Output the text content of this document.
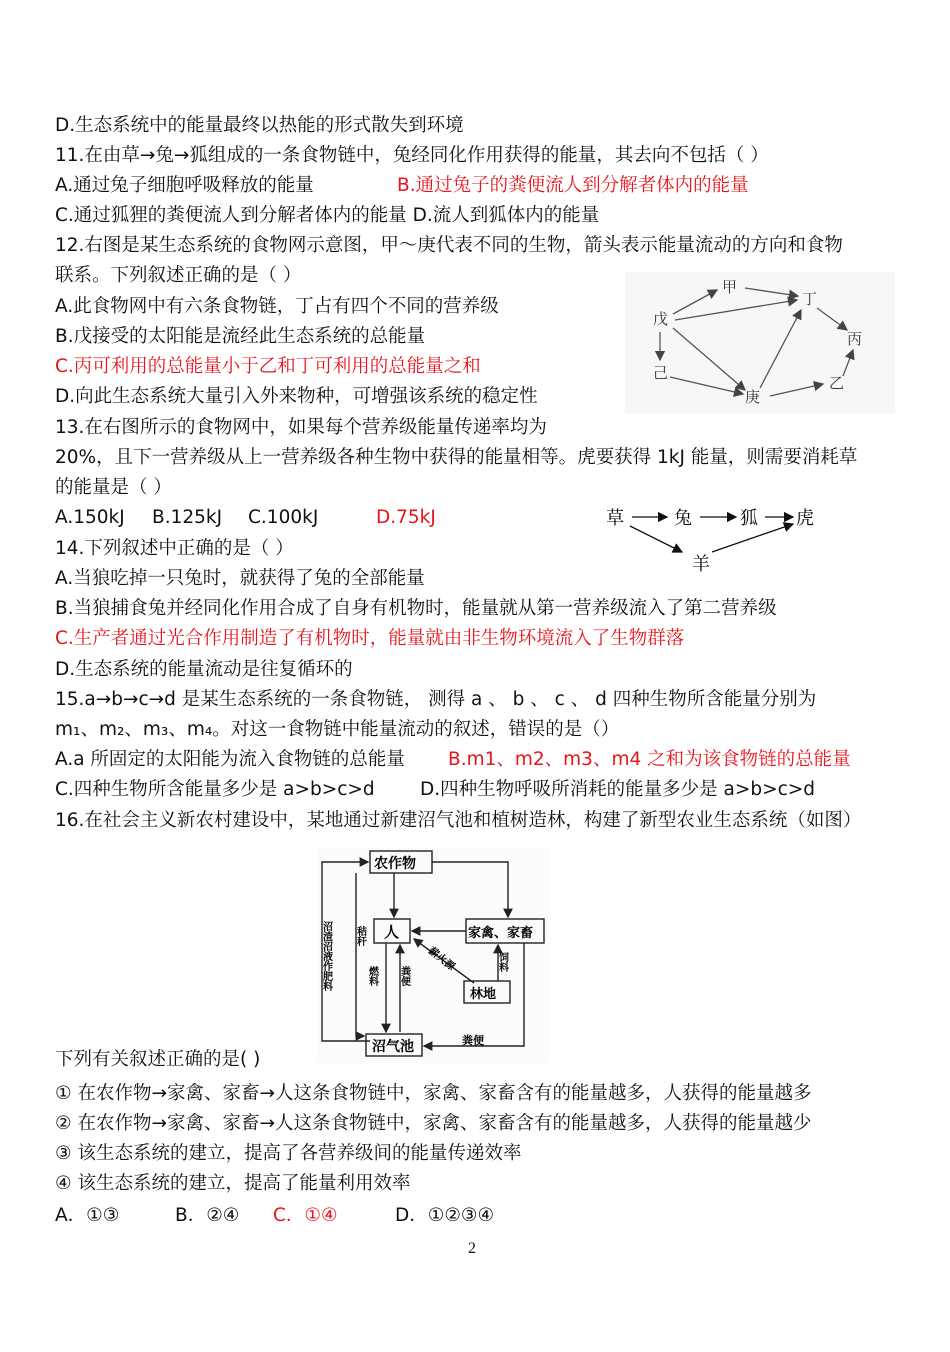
D.生态系统中的能量最终以热能的形式散失到环境
11.在由草→兔→狐组成的一条食物链中，兔经同化作用获得的能量，其去向不包括（ ）
A.通过兔子细胞呼吸释放的能量	B.通过兔子的粪便流人到分解者体内的能量
C.通过狐狸的粪便流人到分解者体内的能量 D.流人到狐体内的能量
12.右图是某生态系统的食物网示意图，甲～庚代表不同的生物，箭头表示能量流动的方向和食物
联系。下列叙述正确的是（ ）
A.此食物网中有六条食物链，丁占有四个不同的营养级
B.戊接受的太阳能是流经此生态系统的总能量
C.丙可利用的总能量小于乙和丁可利用的总能量之和
D.向此生态系统大量引入外来物种，可增强该系统的稳定性
戊
甲
丁
丙
己
庚
乙
13.在右图所示的食物网中，如果每个营养级能量传递率均为
20%，且下一营养级从上一营养级各种生物中获得的能量相等。虎要获得 1kJ 能量，则需要消耗草
的能量是（ ）
A.150kJ B.125kJ C.100kJ	D.75kJ	草	兔	狐 虎
羊
14.下列叙述中正确的是（ ）
A.当狼吃掉一只兔时，就获得了兔的全部能量
B.当狼捕食兔并经同化作用合成了自身有机物时，能量就从第一营养级流入了第二营养级
C.生产者通过光合作用制造了有机物时，能量就由非生物环境流入了生物群落
D.生态系统的能量流动是往复循环的
15.a→b→c→d 是某生态系统的一条食物链， 测得 a 、 b 、 c 、 d 四种生物所含能量分别为
m₁、m₂、m₃、m₄。对这一食物链中能量流动的叙述，错误的是（）
A.a 所固定的太阳能为流入食物链的总能量 B.m1、m2、m3、m4 之和为该食物链的总能量
C.四种生物所含能量多少是 a>b>c>d D.四种生物呼吸所消耗的能量多少是 a>b>c>d
16.在社会主义新农村建设中，某地通过新建沼气池和植树造林，构建了新型农业生态系统（如图）
农作物
人	家禽、家畜
林地
沼气池
沼渣沼液作肥料 秸秆
燃料 粪便
薪火源	饲料
粪便
下列有关叙述正确的是( )
① 在农作物→家禽、家畜→人这条食物链中，家禽、家畜含有的能量越多，人获得的能量越多
② 在农作物→家禽、家畜→人这条食物链中，家禽、家畜含有的能量越多，人获得的能量越少
③ 该生态系统的建立，提高了各营养级间的能量传递效率
④ 该生态系统的建立，提高了能量利用效率
A．①③	B．②④ C．①④	D．①②③④
2
